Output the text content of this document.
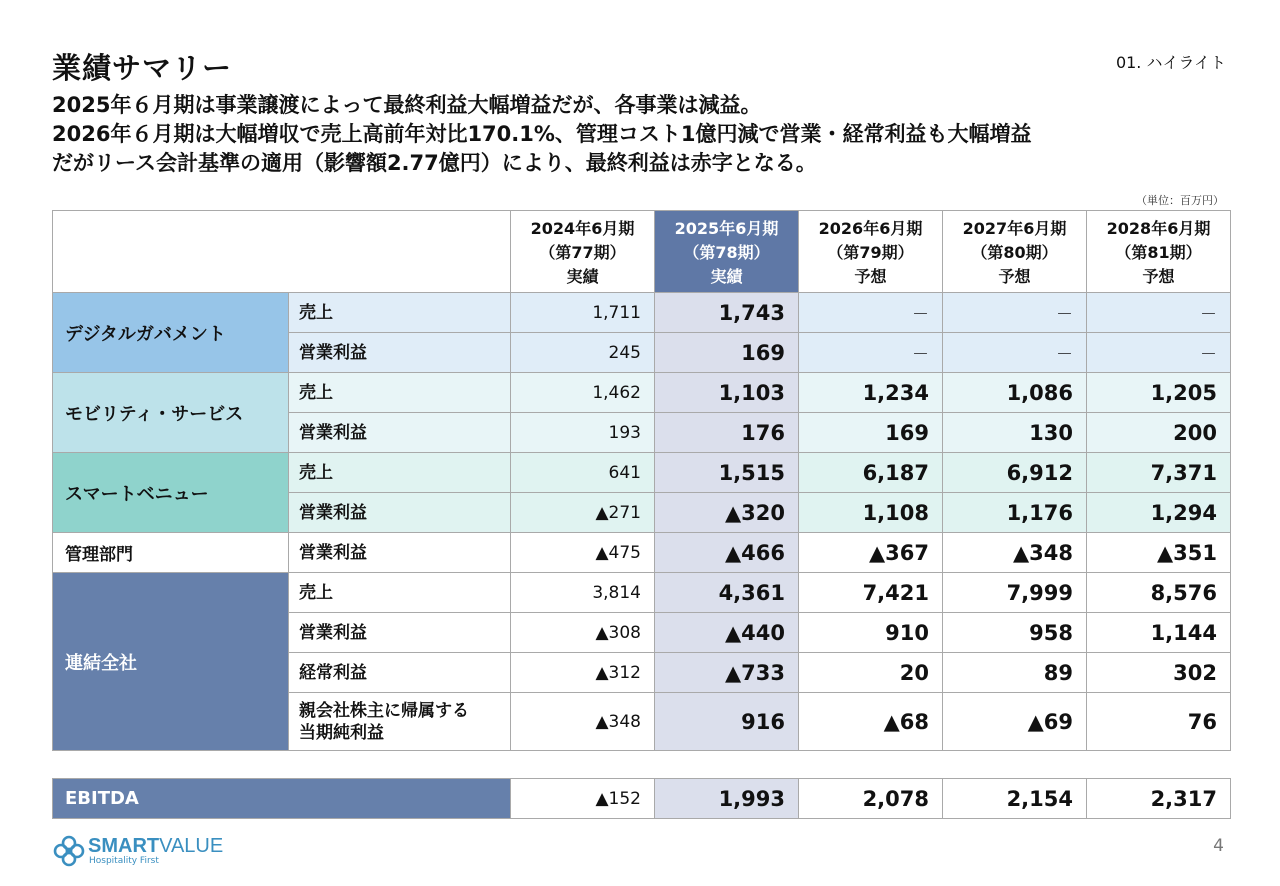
業績サマリー	01. ハイライト
2025年６月期は事業譲渡によって最終利益大幅増益だが、各事業は減益。
2026年６月期は大幅増収で売上高前年対比170.1%、管理コスト1億円減で営業・経常利益も大幅増益
だがリース会計基準の適用（影響額2.77億円）により、最終利益は赤字となる。
（単位：百万円）
		2024年6月期
（第77期）
実績	2025年6月期
（第78期）
実績	2026年6月期
（第79期）
予想	2027年6月期
（第80期）
予想	2028年6月期
（第81期）
予想
デジタルガバメント	売上	1,711	1,743	－	－	－
	営業利益	245	169	－	－	－
モビリティ・サービス	売上	1,462	1,103	1,234	1,086	1,205
	営業利益	193	176	169	130	200
スマートベニュー	売上	641	1,515	6,187	6,912	7,371
	営業利益	▲271	▲320	1,108	1,176	1,294
管理部門	営業利益	▲475	▲466	▲367	▲348	▲351
連結全社	売上	3,814	4,361	7,421	7,999	8,576
	営業利益	▲308	▲440	910	958	1,144
	経常利益	▲312	▲733	20	89	302
	親会社株主に帰属する
当期純利益	▲348	916	▲68	▲69	76
EBITDA	▲152	1,993	2,078	2,154	2,317
SMARTVALUE
Hospitality First
4
